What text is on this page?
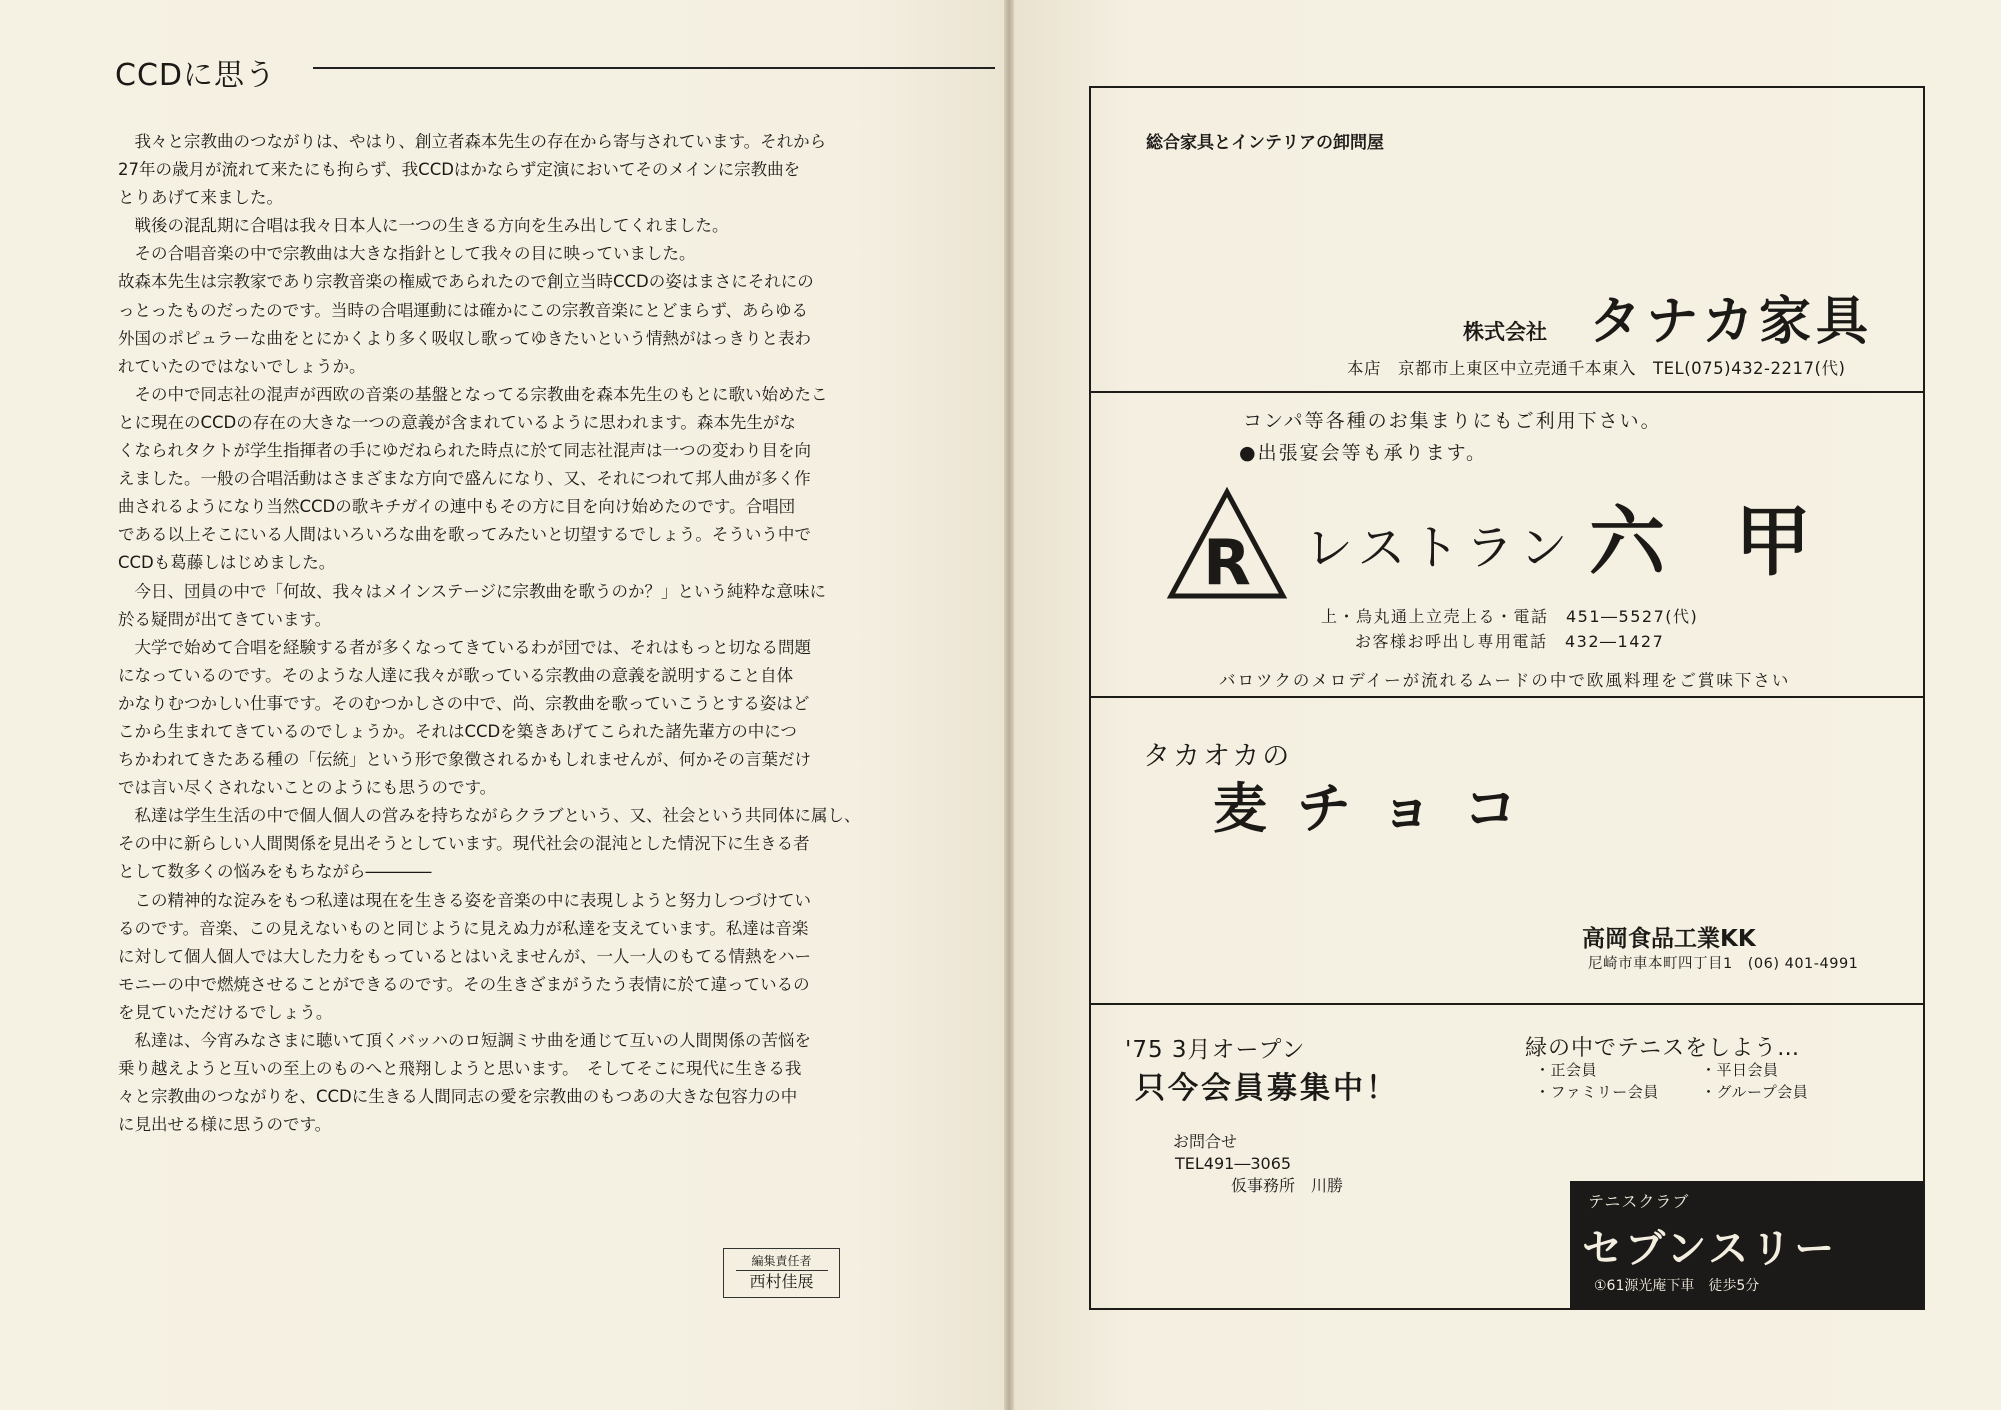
CCDに思う
　我々と宗教曲のつながりは、やはり、創立者森本先生の存在から寄与されています。それから
27年の歳月が流れて来たにも拘らず、我CCDはかならず定演においてそのメインに宗教曲を
とりあげて来ました。
　戦後の混乱期に合唱は我々日本人に一つの生きる方向を生み出してくれました。
　その合唱音楽の中で宗教曲は大きな指針として我々の目に映っていました。
故森本先生は宗教家であり宗教音楽の権威であられたので創立当時CCDの姿はまさにそれにの
っとったものだったのです。当時の合唱運動には確かにこの宗教音楽にとどまらず、あらゆる
外国のポピュラーな曲をとにかくより多く吸収し歌ってゆきたいという情熱がはっきりと表わ
れていたのではないでしょうか。
　その中で同志社の混声が西欧の音楽の基盤となってる宗教曲を森本先生のもとに歌い始めたこ
とに現在のCCDの存在の大きな一つの意義が含まれているように思われます。森本先生がな
くなられタクトが学生指揮者の手にゆだねられた時点に於て同志社混声は一つの変わり目を向
えました。一般の合唱活動はさまざまな方向で盛んになり、又、それにつれて邦人曲が多く作
曲されるようになり当然CCDの歌キチガイの連中もその方に目を向け始めたのです。合唱団
である以上そこにいる人間はいろいろな曲を歌ってみたいと切望するでしょう。そういう中で
CCDも葛藤しはじめました。
　今日、団員の中で「何故、我々はメインステージに宗教曲を歌うのか？」という純粋な意味に
於る疑問が出てきています。
　大学で始めて合唱を経験する者が多くなってきているわが団では、それはもっと切なる問題
になっているのです。そのような人達に我々が歌っている宗教曲の意義を説明すること自体
かなりむつかしい仕事です。そのむつかしさの中で、尚、宗教曲を歌っていこうとする姿はど
こから生まれてきているのでしょうか。それはCCDを築きあげてこられた諸先輩方の中につ
ちかわれてきたある種の「伝統」という形で象徴されるかもしれませんが、何かその言葉だけ
では言い尽くされないことのようにも思うのです。
　私達は学生生活の中で個人個人の営みを持ちながらクラブという、又、社会という共同体に属し、
その中に新らしい人間関係を見出そうとしています。現代社会の混沌とした情況下に生きる者
として数多くの悩みをもちながら――――
　この精神的な淀みをもつ私達は現在を生きる姿を音楽の中に表現しようと努力しつづけてい
るのです。音楽、この見えないものと同じように見えぬ力が私達を支えています。私達は音楽
に対して個人個人では大した力をもっているとはいえませんが、一人一人のもてる情熱をハー
モニーの中で燃焼させることができるのです。その生きざまがうたう表情に於て違っているの
を見ていただけるでしょう。
　私達は、今宵みなさまに聴いて頂くバッハのロ短調ミサ曲を通じて互いの人間関係の苦悩を
乗り越えようと互いの至上のものへと飛翔しようと思います。　そしてそこに現代に生きる我
々と宗教曲のつながりを、CCDに生きる人間同志の愛を宗教曲のもつあの大きな包容力の中
に見出せる様に思うのです。
編集責任者
西村佳展
総合家具とインテリアの卸問屋
株式会社 タナカ家具
本店　京都市上東区中立売通千本東入　TEL(075)432-2217(代)
コンパ等各種のお集まりにもご利用下さい。
●出張宴会等も承ります。
R レストラン 六甲
上・烏丸通上立売上る・電話　451―5527(代)
お客様お呼出し専用電話　432―1427
バロツクのメロデイーが流れるムードの中で欧風料理をご賞味下さい
タカオカの
麦チョコ
高岡食品工業KK
尼崎市車本町四丁目1　(06) 401-4991
'75 3月オープン
只今会員募集中！
お問合せ
TEL491―3065
仮事務所　川勝
緑の中でテニスをしよう…
・正会員	・平日会員
・ファミリー会員	・グループ会員
テニスクラブ
セブンスリー
①61源光庵下車　徒歩5分
